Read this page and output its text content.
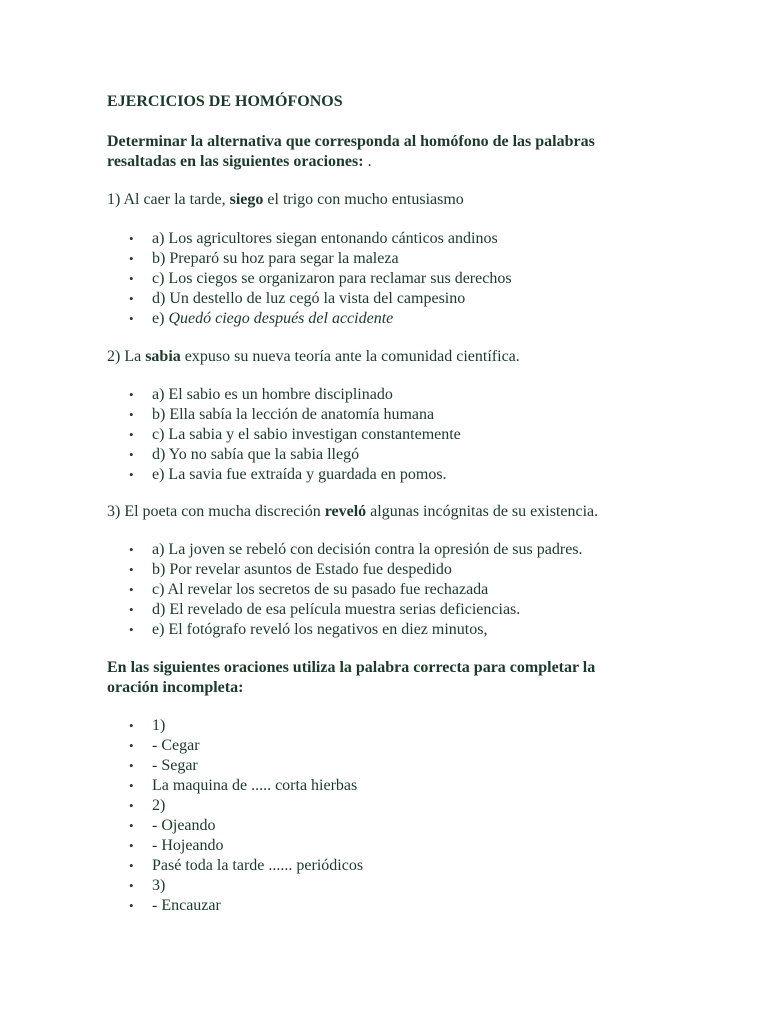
EJERCICIOS DE HOMÓFONOS
Determinar la alternativa que corresponda al homófono de las palabras
resaltadas en las siguientes oraciones: .
1) Al caer la tarde, siego el trigo con mucho entusiasmo
• a) Los agricultores siegan entonando cánticos andinos
• b) Preparó su hoz para segar la maleza
• c) Los ciegos se organizaron para reclamar sus derechos
• d) Un destello de luz cegó la vista del campesino
• e) Quedó ciego después del accidente
2) La sabia expuso su nueva teoría ante la comunidad científica.
• a) El sabio es un hombre disciplinado
• b) Ella sabía la lección de anatomía humana
• c) La sabia y el sabio investigan constantemente
• d) Yo no sabía que la sabia llegó
• e) La savia fue extraída y guardada en pomos.
3) El poeta con mucha discreción reveló algunas incógnitas de su existencia.
• a) La joven se rebeló con decisión contra la opresión de sus padres.
• b) Por revelar asuntos de Estado fue despedido
• c) Al revelar los secretos de su pasado fue rechazada
• d) El revelado de esa película muestra serias deficiencias.
• e) El fotógrafo reveló los negativos en diez minutos,
En las siguientes oraciones utiliza la palabra correcta para completar la
oración incompleta:
• 1)
• - Cegar
• - Segar
• La maquina de ..... corta hierbas
• 2)
• - Ojeando
• - Hojeando
• Pasé toda la tarde ...... periódicos
• 3)
• - Encauzar
